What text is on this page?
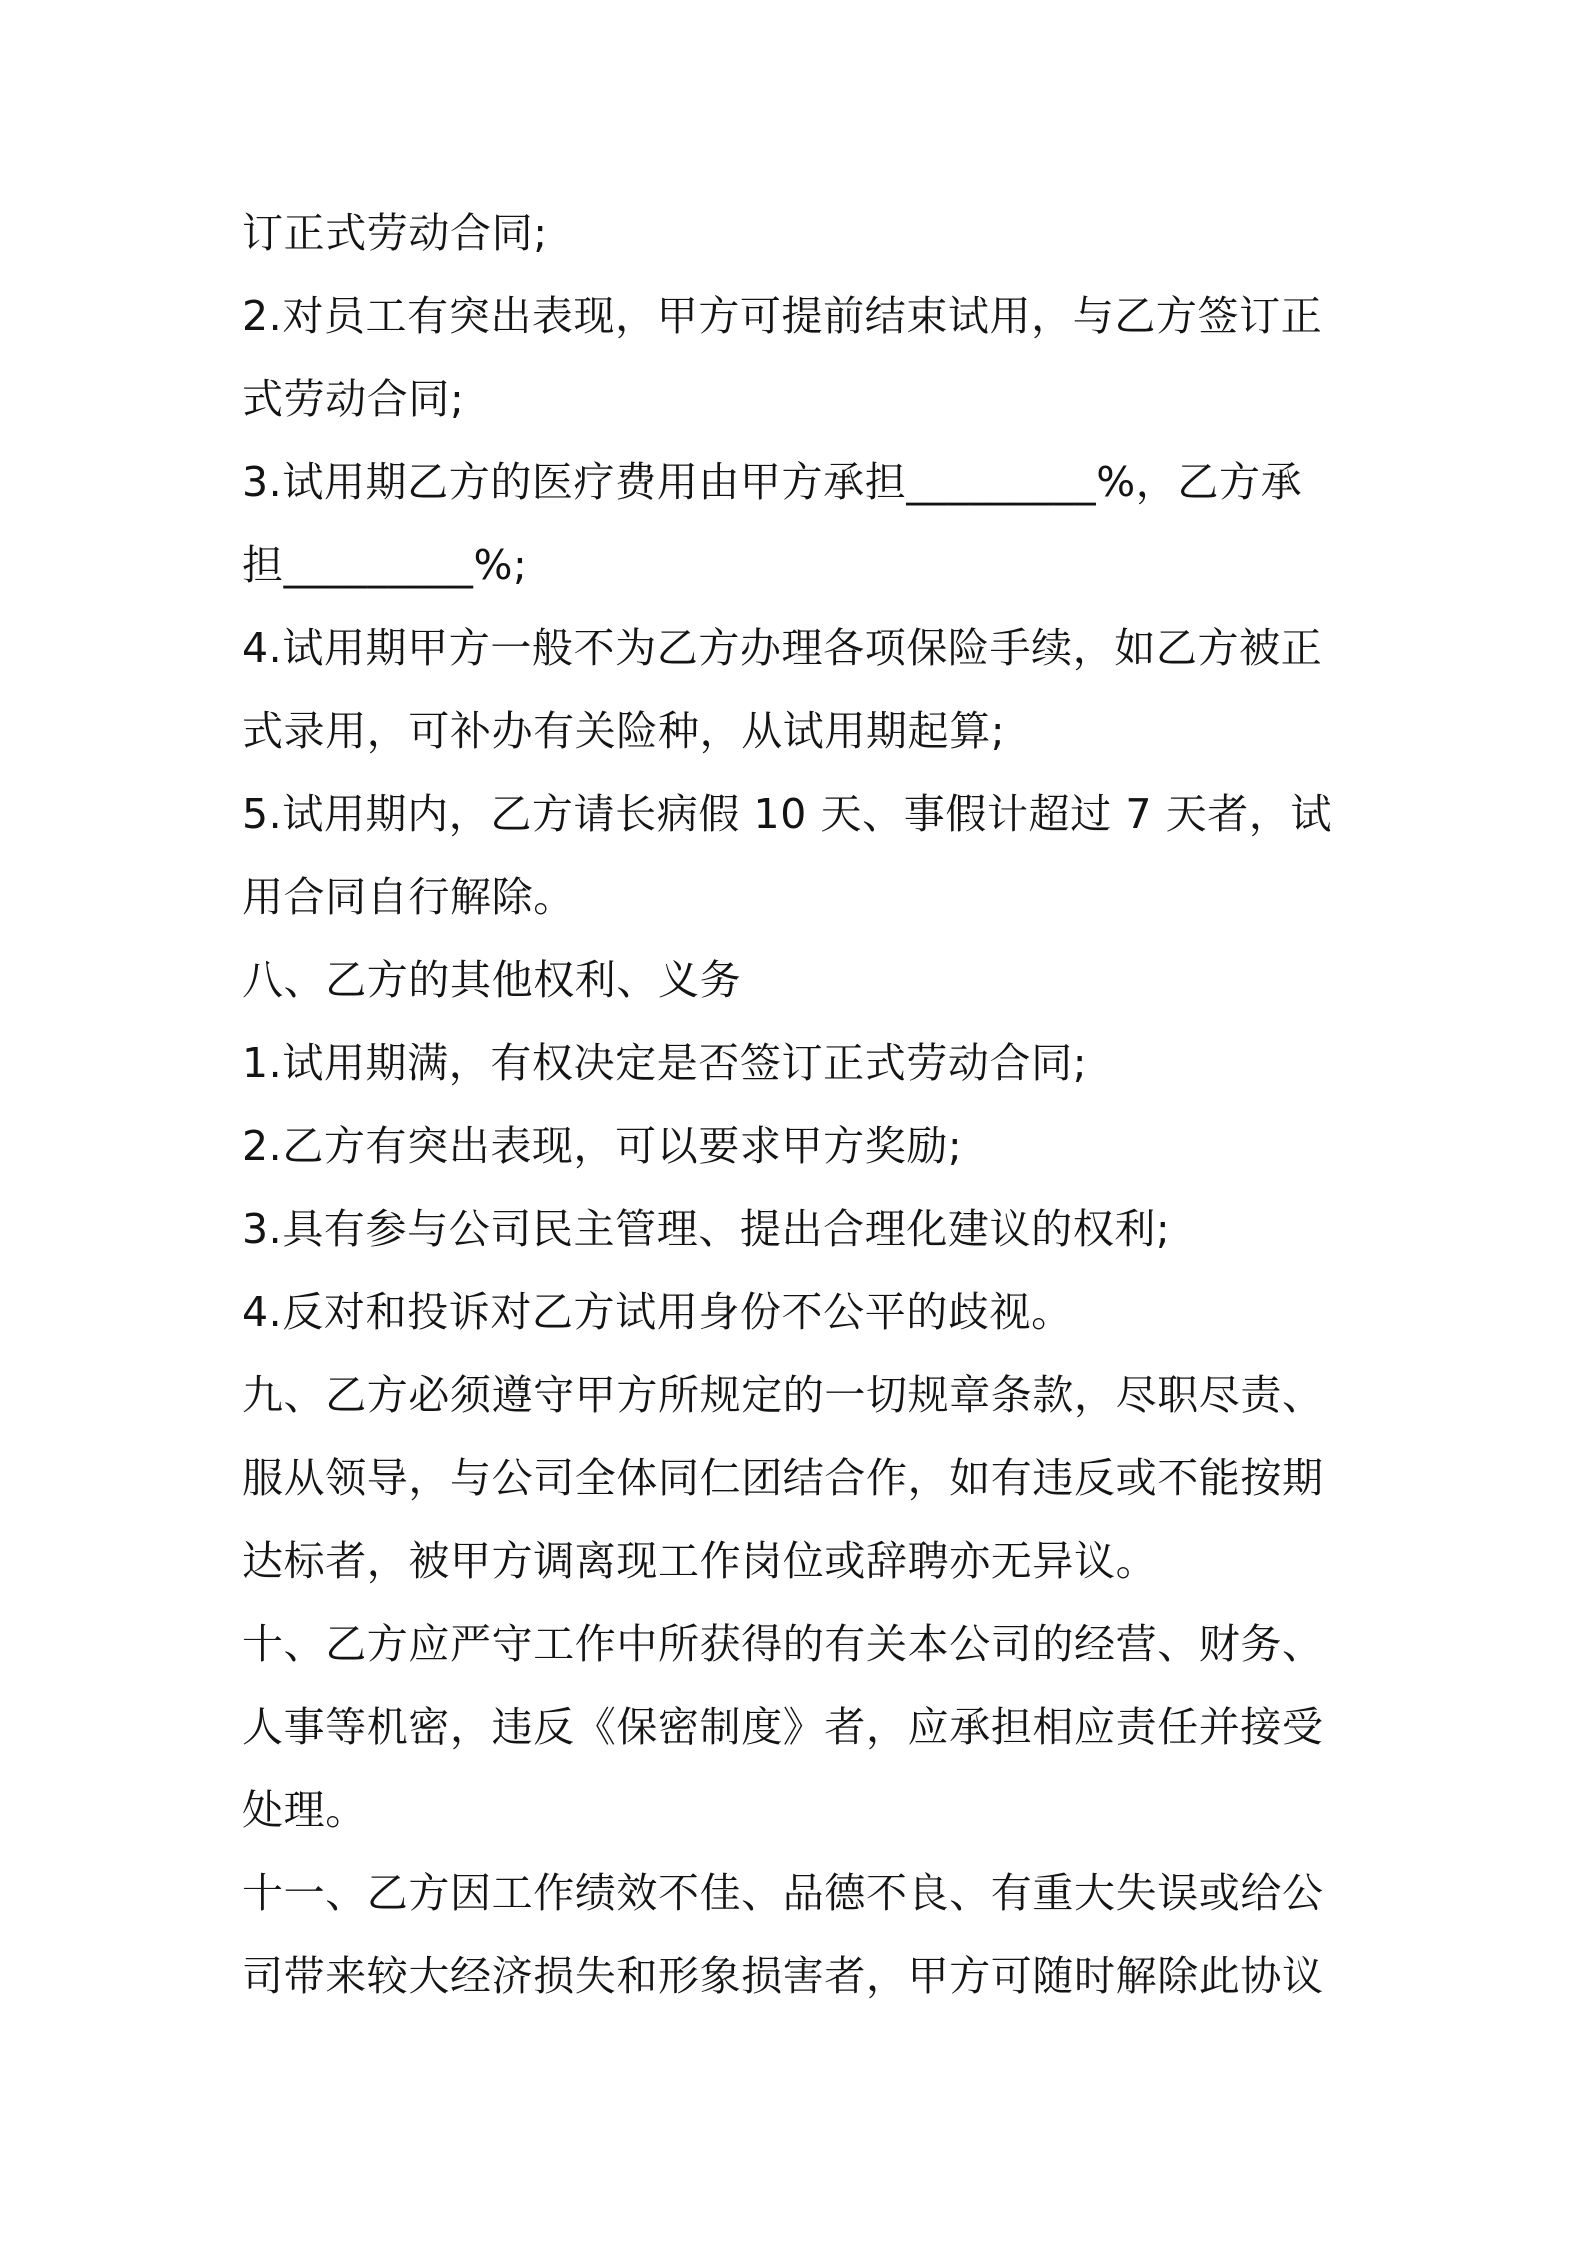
订正式劳动合同;
2.对员工有突出表现，甲方可提前结束试用，与乙方签订正
式劳动合同;
3.试用期乙方的医疗费用由甲方承担_________%，乙方承
担_________%;
4.试用期甲方一般不为乙方办理各项保险手续，如乙方被正
式录用，可补办有关险种，从试用期起算;
5.试用期内，乙方请长病假 10 天、事假计超过 7 天者，试
用合同自行解除。
八、乙方的其他权利、义务
1.试用期满，有权决定是否签订正式劳动合同;
2.乙方有突出表现，可以要求甲方奖励;
3.具有参与公司民主管理、提出合理化建议的权利;
4.反对和投诉对乙方试用身份不公平的歧视。
九、乙方必须遵守甲方所规定的一切规章条款，尽职尽责、
服从领导，与公司全体同仁团结合作，如有违反或不能按期
达标者，被甲方调离现工作岗位或辞聘亦无异议。
十、乙方应严守工作中所获得的有关本公司的经营、财务、
人事等机密，违反《保密制度》者，应承担相应责任并接受
处理。
十一、乙方因工作绩效不佳、品德不良、有重大失误或给公
司带来较大经济损失和形象损害者，甲方可随时解除此协议
